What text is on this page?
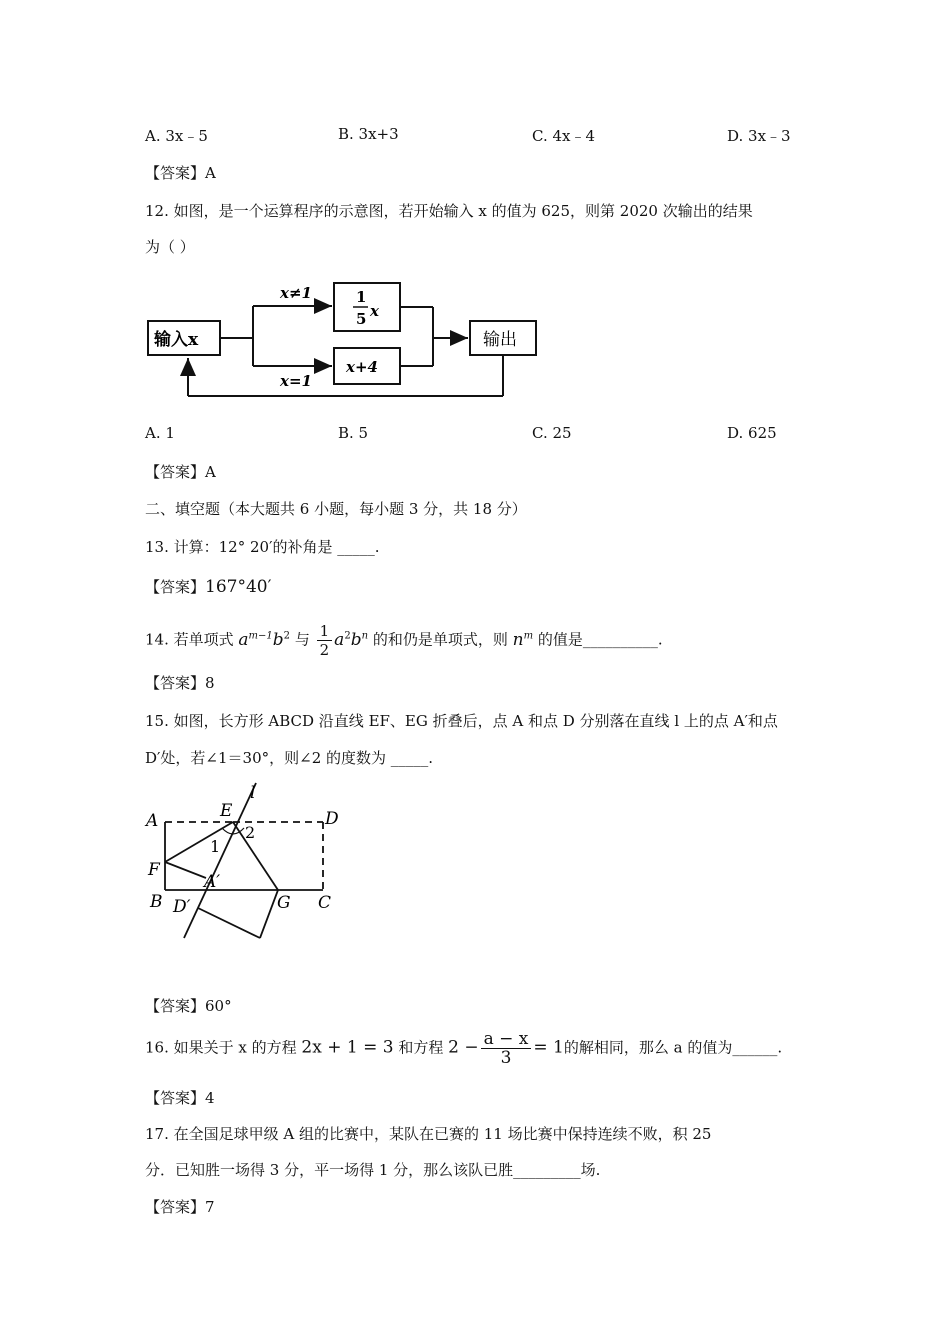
A. 3x﹣5	B. 3x+3	C. 4x﹣4	D. 3x﹣3
【答案】A
12. 如图，是一个运算程序的示意图，若开始输入 x 的值为 625，则第 2020 次输出的结果
为（ ）
输入x
x≠1
x=1
1
5 x
x+4
输出
A. 1	B. 5	C. 25	D. 625
【答案】A
二、填空题（本大题共 6 小题，每小题 3 分，共 18 分）
13. 计算：12° 20′的补角是 _____.
【答案】167°40′
14. 若单项式 $a^{m-1}b^2$ 与 $\frac{1}{2} a^2b^n$ 的和仍是单项式，则 $n^m$ 的值是__________.
【答案】8
15. 如图，长方形 ABCD 沿直线 EF、EG 折叠后，点 A 和点 D 分别落在直线 l 上的点 A′和点
D′处，若∠1＝30°，则∠2 的度数为 _____.
A	E
l
D
2
1
F
A′
B D′	G C
【答案】60°
16. 如果关于 x 的方程 2x + 1 = 3 和方程 $2 - \frac{a - x}{3} = 1$的解相同，那么 a 的值为______.
【答案】4
17. 在全国足球甲级 A 组的比赛中，某队在已赛的 11 场比赛中保持连续不败，积 25
分．已知胜一场得 3 分，平一场得 1 分，那么该队已胜_________场.
【答案】7
